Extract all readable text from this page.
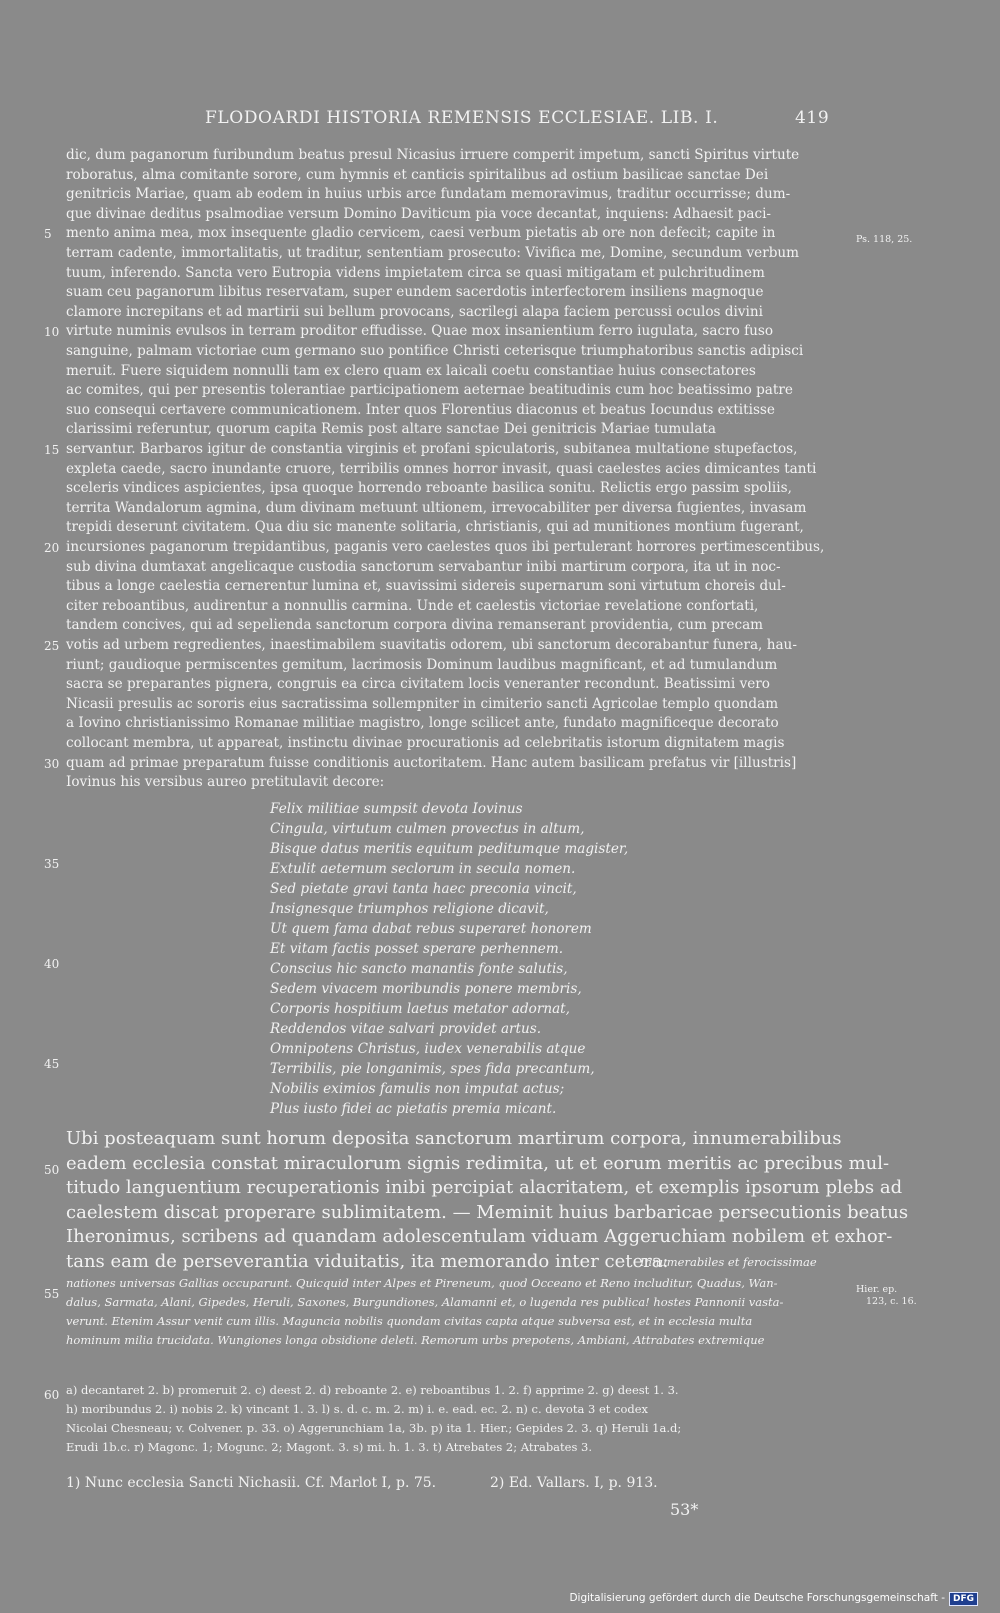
FLODOARDI HISTORIA REMENSIS ECCLESIAE. LIB. I.	419
dic, dum paganorum furibundum beatus presul Nicasius irruere comperit impetum, sancti Spiritus virtute
roboratus, alma comitante sorore, cum hymnis et canticis spiritalibus ad ostium basilicae sanctae Dei
genitricis Mariae, quam ab eodem in huius urbis arce fundatam memoravimus, traditur occurrisse; dum-
que divinae deditus psalmodiae versum Domino Daviticum pia voce decantat, inquiens: Adhaesit paci-
mento anima mea, mox insequente gladio cervicem, caesi verbum pietatis ab ore non defecit; capite in
terram cadente, immortalitatis, ut traditur, sententiam prosecuto: Vivifica me, Domine, secundum verbum
tuum, inferendo. Sancta vero Eutropia videns impietatem circa se quasi mitigatam et pulchritudinem
suam ceu paganorum libitus reservatam, super eundem sacerdotis interfectorem insiliens magnoque
clamore increpitans et ad martirii sui bellum provocans, sacrilegi alapa faciem percussi oculos divini
virtute numinis evulsos in terram proditor effudisse. Quae mox insanientium ferro iugulata, sacro fuso
sanguine, palmam victoriae cum germano suo pontifice Christi ceterisque triumphatoribus sanctis adipisci
meruit. Fuere siquidem nonnulli tam ex clero quam ex laicali coetu constantiae huius consectatores
ac comites, qui per presentis tolerantiae participationem aeternae beatitudinis cum hoc beatissimo patre
suo consequi certavere communicationem. Inter quos Florentius diaconus et beatus Iocundus extitisse
clarissimi referuntur, quorum capita Remis post altare sanctae Dei genitricis Mariae tumulata
servantur. Barbaros igitur de constantia virginis et profani spiculatoris, subitanea multatione stupefactos,
expleta caede, sacro inundante cruore, terribilis omnes horror invasit, quasi caelestes acies dimicantes tanti
sceleris vindices aspicientes, ipsa quoque horrendo reboante basilica sonitu. Relictis ergo passim spoliis,
territa Wandalorum agmina, dum divinam metuunt ultionem, irrevocabiliter per diversa fugientes, invasam
trepidi deserunt civitatem. Qua diu sic manente solitaria, christianis, qui ad munitiones montium fugerant,
incursiones paganorum trepidantibus, paganis vero caelestes quos ibi pertulerant horrores pertimescentibus,
sub divina dumtaxat angelicaque custodia sanctorum servabantur inibi martirum corpora, ita ut in noc-
tibus a longe caelestia cernerentur lumina et, suavissimi sidereis supernarum soni virtutum choreis dul-
citer reboantibus, audirentur a nonnullis carmina. Unde et caelestis victoriae revelatione confortati,
tandem concives, qui ad sepelienda sanctorum corpora divina remanserant providentia, cum precam
votis ad urbem regredientes, inaestimabilem suavitatis odorem, ubi sanctorum decorabantur funera, hau-
riunt; gaudioque permiscentes gemitum, lacrimosis Dominum laudibus magnificant, et ad tumulandum
sacra se preparantes pignera, congruis ea circa civitatem locis veneranter recondunt. Beatissimi vero
Nicasii presulis ac sororis eius sacratissima sollempniter in cimiterio sancti Agricolae templo quondam
a Iovino christianissimo Romanae militiae magistro, longe scilicet ante, fundato magnificeque decorato
collocant membra, ut appareat, instinctu divinae procurationis ad celebritatis istorum dignitatem magis
quam ad primae preparatum fuisse conditionis auctoritatem. Hanc autem basilicam prefatus vir [illustris]
Iovinus his versibus aureo pretitulavit decore:
Felix militiae sumpsit devota Iovinus
Cingula, virtutum culmen provectus in altum,
Bisque datus meritis equitum peditumque magister,
Extulit aeternum seclorum in secula nomen.
Sed pietate gravi tanta haec preconia vincit,
Insignesque triumphos religione dicavit,
Ut quem fama dabat rebus superaret honorem
Et vitam factis posset sperare perhennem.
Conscius hic sancto manantis fonte salutis,
Sedem vivacem moribundis ponere membris,
Corporis hospitium laetus metator adornat,
Reddendos vitae salvari providet artus.
Omnipotens Christus, iudex venerabilis atque
Terribilis, pie longanimis, spes fida precantum,
Nobilis eximios famulis non imputat actus;
Plus iusto fidei ac pietatis premia micant.
Ubi posteaquam sunt horum deposita sanctorum martirum corpora, innumerabilibus
eadem ecclesia constat miraculorum signis redimita, ut et eorum meritis ac precibus mul-
titudo languentium recuperationis inibi percipiat alacritatem, et exemplis ipsorum plebs ad
caelestem discat properare sublimitatem. — Meminit huius barbaricae persecutionis beatus
Iheronimus, scribens ad quandam adolescentulam viduam Aggeruchiam nobilem et exhor-
tans eam de perseverantia viduitatis, ita memorando inter cetera:
Innumerabiles et ferocissimae
nationes universas Gallias occuparunt. Quicquid inter Alpes et Pireneum, quod Occeano et Reno includitur, Quadus, Wan-
dalus, Sarmata, Alani, Gipedes, Heruli, Saxones, Burgundiones, Alamanni et, o lugenda res publica! hostes Pannonii vasta-
verunt. Etenim Assur venit cum illis. Maguncia nobilis quondam civitas capta atque subversa est, et in ecclesia multa
hominum milia trucidata. Wungiones longa obsidione deleti. Remorum urbs prepotens, Ambiani, Attrabates extremique
5
10
15
20
25
30
35
40
45
50
55
60
Ps. 118, 25.
Hier. ep.
123, c. 16.
a) decantaret 2. b) promeruit 2. c) deest 2. d) reboante 2. e) reboantibus 1. 2. f) apprime 2. g) deest 1. 3.
h) moribundus 2. i) nobis 2. k) vincant 1. 3. l) s. d. c. m. 2. m) i. e. ead. ec. 2. n) c. devota 3 et codex
Nicolai Chesneau; v. Colvener. p. 33. o) Aggerunchiam 1a, 3b. p) ita 1. Hier.; Gepides 2. 3. q) Heruli 1a.d;
Erudi 1b.c. r) Magonc. 1; Mogunc. 2; Magont. 3. s) mi. h. 1. 3. t) Atrebates 2; Atrabates 3.
1) Nunc ecclesia Sancti Nichasii. Cf. Marlot I, p. 75.	2) Ed. Vallars. I, p. 913.
53*
Digitalisierung gefördert durch die Deutsche Forschungsgemeinschaft - DFG
